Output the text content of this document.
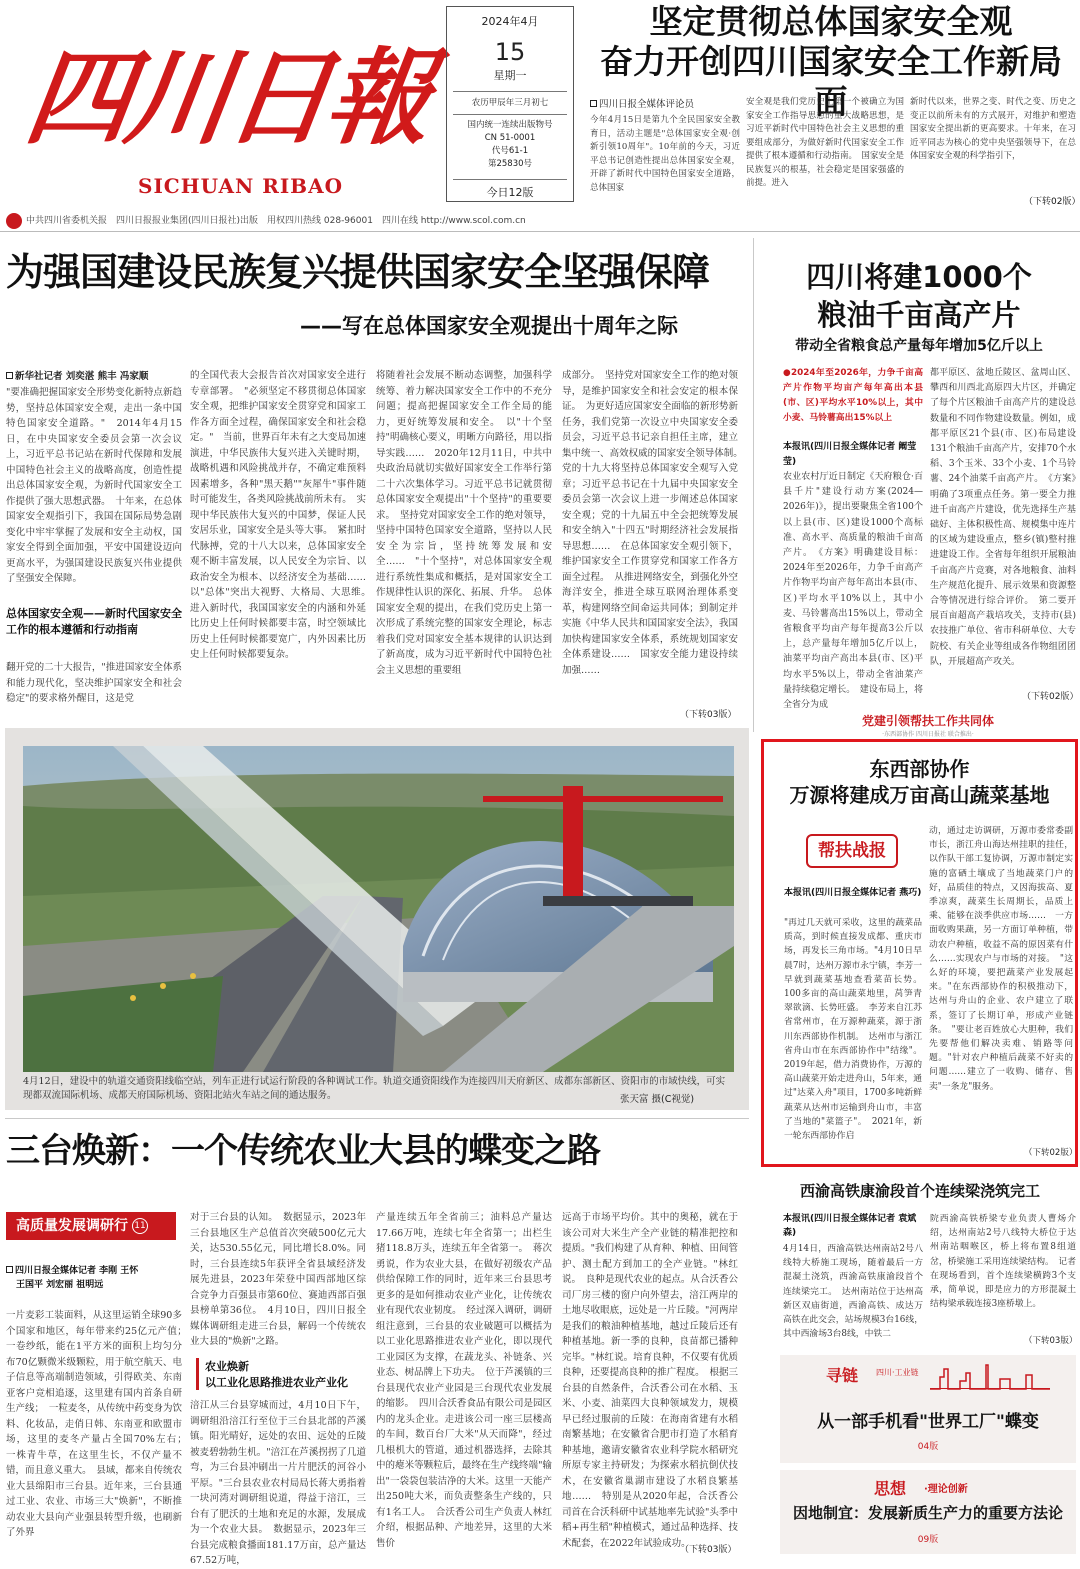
四川日報
SICHUAN RIBAO
2024年4月
15
星期一
农历甲辰年三月初七
国内统一连续出版物号
CN 51-0001
代号61-1
第25830号
今日12版
坚定贯彻总体国家安全观
奋力开创四川国家安全工作新局面
四川日报全媒体评论员
今年4月15日是第九个全民国家安全教育日，活动主题是"总体国家安全观·创新引领10周年"。10年前的今天，习近平总书记创造性提出总体国家安全观，开辟了新时代中国特色国家安全道路，总体国家
安全观是我们党历史上第一个被确立为国家安全工作指导思想的重大战略思想，是习近平新时代中国特色社会主义思想的重要组成部分，为做好新时代国家安全工作提供了根本遵循和行动指南。　国家安全是民族复兴的根基，社会稳定是国家强盛的前提。进入
新时代以来，世界之变、时代之变、历史之变正以前所未有的方式展开，对维护和塑造国家安全提出新的更高要求。十年来，在习近平同志为核心的党中央坚强领导下，在总体国家安全观的科学指引下，
（下转02版）
中共四川省委机关报　四川日报报业集团(四川日报社)出版　用权四川热线 028-96001　四川在线 http://www.scol.com.cn
为强国建设民族复兴提供国家安全坚强保障
——写在总体国家安全观提出十周年之际
新华社记者 刘奕湛 熊丰 冯家顺
"要准确把握国家安全形势变化新特点新趋势，坚持总体国家安全观，走出一条中国特色国家安全道路。"　2014年4月15日，在中央国家安全委员会第一次会议上，习近平总书记站在新时代保障和发展中国特色社会主义的战略高度，创造性提出总体国家安全观，为新时代国家安全工作提供了强大思想武器。　十年来，在总体国家安全观指引下，我国在国际局势急剧变化中牢牢掌握了发展和安全主动权，国家安全得到全面加强，平安中国建设迈向更高水平，为强国建设民族复兴伟业提供了坚强安全保障。
总体国家安全观——新时代国家安全工作的根本遵循和行动指南
翻开党的二十大报告，"推进国家安全体系和能力现代化，坚决维护国家安全和社会稳定"的要求格外醒目，这是党
的全国代表大会报告首次对国家安全进行专章部署。　"必须坚定不移贯彻总体国家安全观，把维护国家安全贯穿党和国家工作各方面全过程，确保国家安全和社会稳定。"　当前，世界百年未有之大变局加速演进，中华民族伟大复兴进入关键时期，战略机遇和风险挑战并存，不确定难预料因素增多，各种"黑天鹅""灰犀牛"事件随时可能发生，各类风险挑战前所未有。　实现中华民族伟大复兴的中国梦，保证人民安居乐业，国家安全是头等大事。　紧扣时代脉搏，党的十八大以来，总体国家安全观不断丰富发展，以人民安全为宗旨、以政治安全为根本、以经济安全为基础……　以"总体"突出大视野、大格局、大思维。　进入新时代，我国国家安全的内涵和外延比历史上任何时候都要丰富，时空领域比历史上任何时候都要宽广，内外因素比历史上任何时候都要复杂。
将随着社会发展不断动态调整，加强科学统筹、着力解决国家安全工作中的不充分问题；提高把握国家安全工作全局的能力，更好统筹发展和安全。　以"十个坚持"明确核心要义，明晰方向路径，用以指导实践……　2020年12月11日，中共中央政治局就切实做好国家安全工作举行第二十六次集体学习。习近平总书记就贯彻总体国家安全观提出"十个坚持"的重要要求。　坚持党对国家安全工作的绝对领导，坚持中国特色国家安全道路，坚持以人民安全为宗旨，坚持统筹发展和安全……　"十个坚持"，对总体国家安全观进行系统性集成和概括，是对国家安全工作规律性认识的深化、拓展、升华。　总体国家安全观的提出，在我们党历史上第一次形成了系统完整的国家安全理论，标志着我们党对国家安全基本规律的认识达到了新高度，成为习近平新时代中国特色社会主义思想的重要组
成部分。　坚持党对国家安全工作的绝对领导，是维护国家安全和社会安定的根本保证。　为更好适应国家安全面临的新形势新任务，我们党第一次设立中央国家安全委员会，习近平总书记亲自担任主席，建立集中统一、高效权威的国家安全领导体制。　党的十九大将坚持总体国家安全观写入党章；习近平总书记在十九届中央国家安全委员会第一次会议上进一步阐述总体国家安全观；党的十九届五中全会把统筹发展和安全纳入"十四五"时期经济社会发展指导思想……　在总体国家安全观引领下，维护国家安全工作贯穿党和国家工作各方面全过程。　从推进网络安全，到强化外空海洋安全，推进全球互联网治理体系变革，构建网络空间命运共同体；到制定并实施《中华人民共和国国家安全法》，我国加快构建国家安全体系，系统规划国家安全体系建设……　国家安全能力建设持续加强……
（下转03版）
四川将建1000个
粮油千亩高产片
带动全省粮食总产量每年增加5亿斤以上
●2024年至2026年，力争千亩高产片作物平均亩产每年高出本县(市、区)平均水平10%以上，其中小麦、马铃薯高出15%以上
本报讯(四川日报全媒体记者 阚莹莹)
农业农村厅近日制定《天府粮仓·百县千片"建设行动方案(2024—2026年)》，提出要聚焦全省100个以上县(市、区)建设1000个高标准、高水平、高质量的粮油千亩高产片。　《方案》明确建设目标：2024年至2026年，力争千亩高产片作物平均亩产每年高出本县(市、区)平均水平10%以上，其中小麦、马铃薯高出15%以上，带动全省粮食平均亩产每年提高3公斤以上，总产量每年增加5亿斤以上，油菜平均亩产高出本县(市、区)平均水平5%以上，带动全省油菜产量持续稳定增长。　建设布局上，将全省分为成
都平原区、盆地丘陵区、盆周山区、攀西和川西北高原四大片区，并确定了每个片区粮油千亩高产片的建设总数量和不同作物建设数量。例如，成都平原区21个县(市、区)布局建设131个粮油千亩高产片，安排70个水稻、3个玉米、33个小麦、1个马铃薯、24个油菜千亩高产片。　《方案》明确了3项重点任务。第一要全力推进千亩高产片建设，优先选择生产基础好、主体积极性高、规模集中连片的区域为建设重点，整乡(镇)整村推进建设工作。全省每年组织开展粮油千亩高产片竞赛，对各地粮食、油料生产规范化提升、展示效果和资源整合等情况进行综合评价。　第二要开展百亩超高产栽培攻关，支持市(县)农技推广单位、省市科研单位、大专院校、有关企业等组成各作物组团团队，开展超高产攻关。
（下转02版）
党建引领帮扶工作共同体
·东西部协作 四川日报社 联合推出·
4月12日，建设中的轨道交通资阳线临空站，列车正进行试运行阶段的各种调试工作。轨道交通资阳线作为连接四川天府新区、成都东部新区、资阳市的市域快线，可实现都双流国际机场、成都天府国际机场、资阳北站火车站之间的通达服务。	张天富 摄(C视觉)
东西部协作
万源将建成万亩高山蔬菜基地
帮扶战报
本报讯(四川日报全媒体记者 燕巧)
"再过几天就可采收，这里的蔬菜品质高，到时候直接发成都、重庆市场，再发长三角市场。"4月10日早晨7时，达州万源市永宁镇，李芳一早就到蔬菜基地查看菜苗长势。100多亩的高山蔬菜地里，莴笋青翠欲滴、长势旺盛。　李芳来自江苏省常州市，在万源种蔬菜，源于浙川东西部协作机制。　达州市与浙江省舟山市在东西部协作中"结缘"。2019年起，借力消费协作，万源的高山蔬菜开始走进舟山，5年来，通过"达菜入舟"项目，1700多吨新鲜蔬菜从达州市运输到舟山市，丰富了当地的"菜篮子"。　2021年，新一轮东西部协作启
动，通过走访调研，万源市委常委副市长，浙江舟山海达州挂职的挂任，以作队干部工复协调，万源市制定实施的富硒土壤成了当地蔬菜门户的好，品质佳的特点，又因海拔高、夏季凉爽，蔬菜生长周期长，品质上乘、能够在淡季供应市场……　一方面收购果蔬，另一方面订单种植，带动农户种植，收益不高的原因菜有什么……实现农户与市场的对接。　"这么好的环境，要把蔬菜产业发展起来。"在东西部协作的积极推动下，达州与舟山的企业、农户建立了联系，签订了长期订单，形成产业链条。　"要让老百姓放心大胆种，我们先要帮他们解决卖难、销路等问题。"针对农户种植后蔬菜不好卖的问题……建立了一收购、储存、售卖"一条龙"服务。
（下转02版）
西渝高铁康渝段首个连续梁浇筑完工
本报讯(四川日报全媒体记者 袁斌森)
4月14日，西渝高铁达州南站2号八线特大桥施工现场，随着最后一方混凝土浇筑，西渝高铁康渝段首个连续梁完工。　达州南站位于达州高新区双庙街道，西渝高铁、成达万高铁在此交会，站场规模3台16线，其中西渝场3台8线，中铁二
院西渝高铁桥梁专业负责人曹炀介绍，达州南站2号八线特大桥位于达州南站咽喉区，桥上将布置8组道岔，桥梁施工采用连续梁结构。　记者在现场看到，首个连续梁横跨3个支承，简单说，即是应力的方形混凝土结构梁承载连接3座桥墩上。
（下转03版）
寻链 四川·工业链
从一部手机看"世界工厂"蝶变
04版
思想 ·理论创新
因地制宜：发展新质生产力的重要方法论
09版
三台焕新：一个传统农业大县的蝶变之路
高质量发展调研行 11
四川日报全媒体记者 李刚 王怀
王国平 刘宏丽 祖明远
一片麦彩工装面料，从这里运销全球90多个国家和地区，每年带来约25亿元产值；　一卷纱纸，能在1平方米的面积上均匀分布70亿颗微米级颗粒，用于航空航天、电子信息等高端制造领域，引得欧美、东南亚客户竞相追逐，这里建有国内首条自研生产线；　一粒麦冬，从传统中药变身为饮料、化妆品，走俏日韩、东南亚和欧盟市场，这里的麦冬产量占全国70%左右；　一株青牛草，在这里生长，不仅产量不错，而且意义重大。　县域，都来自传统农业大县绵阳市三台县。近年来，三台县通过工业、农业、市场三大"焕新"，不断推动农业大县向产业强县转型升级，也刷新了外界
对于三台县的认知。　数据显示，2023年三台县地区生产总值首次突破500亿元大关，达530.55亿元，同比增长8.0%。同时，三台县连续5年获评全省县域经济发展先进县，2023年荣登中国西部地区综合竞争力百强县市第60位、赛迪西部百强县榜单第36位。　4月10日，四川日报全媒体调研组走进三台县，解码一个传统农业大县的"焕新"之路。
农业焕新
以工业化思路推进农业产业化
涪江从三台县穿城而过，4月10日下午，调研组沿涪江行至位于三台县北部的芦溪镇。阳光晴好，远处的农田、远处的丘陵被麦碧勃勃生机。"涪江在芦溪拐拐了几道弯，为三台县冲刷出一片片肥沃的河谷小平原。"三台县农业农村局局长蒋大勇指着一块河湾对调研组说道，得益于涪江，三台有了肥沃的土地和充足的水源，发展成为一个农业大县。　数据显示，2023年三台县完成粮食播面181.17万亩，总产量达67.52万吨，
产量连续五年全省前三；油料总产量达17.66万吨，连续七年全省第一；出栏生猪118.8万头，连续五年全省第一。　蒋次勇说，作为农业大县，在做好初级农产品供给保障工作的同时，近年来三台县思考更多的是如何推动农业产业化，让传统农业有现代农业韧度。　经过深入调研，调研组注意到，三台县的农业破题可以概括为以工业化思路推进农业产业化，即以现代工业园区为支撑，在蔬龙头、补链条、兴业态、树品牌上下功夫。　位于芦溪镇的三台县现代农业产业园是三台现代农业发展的缩影。　四川合沃香食品有限公司是园区内的龙头企业。走进该公司一座三层楼高的车间，数百台厂大米"从天而降"，经过几根机大的管道，通过机器选择，去除其中的瘪米等颗粒后，最终在生产线终端"输出"一袋袋包装洁净的大米。这里一天能产出250吨大米，而负责整条生产线的，只有1名工人。　合沃香公司生产负责人林红介绍，根据品种、产地差异，这里的大米售价
远高于市场平均价。其中的奥秘，就在于该公司对大米生产全产业链的精准把控和提质。"我们构建了从育种、种植、田间管护、测土配方到加工的全产业链。"林红说。　良种是现代农业的起点。从合沃香公司厂房三楼的窗户向外望去，涪江两岸的土地尽收眼底，远处是一片丘陵。"河两岸是我们的粮油种植基地，越过丘陵后还有种植基地。新一季的良种，良苗都已播种完毕。"林红说。培育良种，不仅要有优质良种，还要提高良种的推广程度。　根据三台县的自然条件，合沃香公司在水稻、玉米、小麦、油菜四大良种领域发力，规模早已经过服前的丘陵：在海南省建有水稻南繁基地；在安徽省合肥市打造了水稻育种基地，邀请安徽省农业科学院水稻研究所原专家主持研发；为探索水稻抗倒伏技术，在安徽省巢湖市建设了水稻良繁基地……　特别是从2020年起，合沃香公司首在合沃科研中试基地率先试验"头季中稻+再生稻"种植模式，通过品种选择、技术配套，在2022年试验成功。
（下转03版）
